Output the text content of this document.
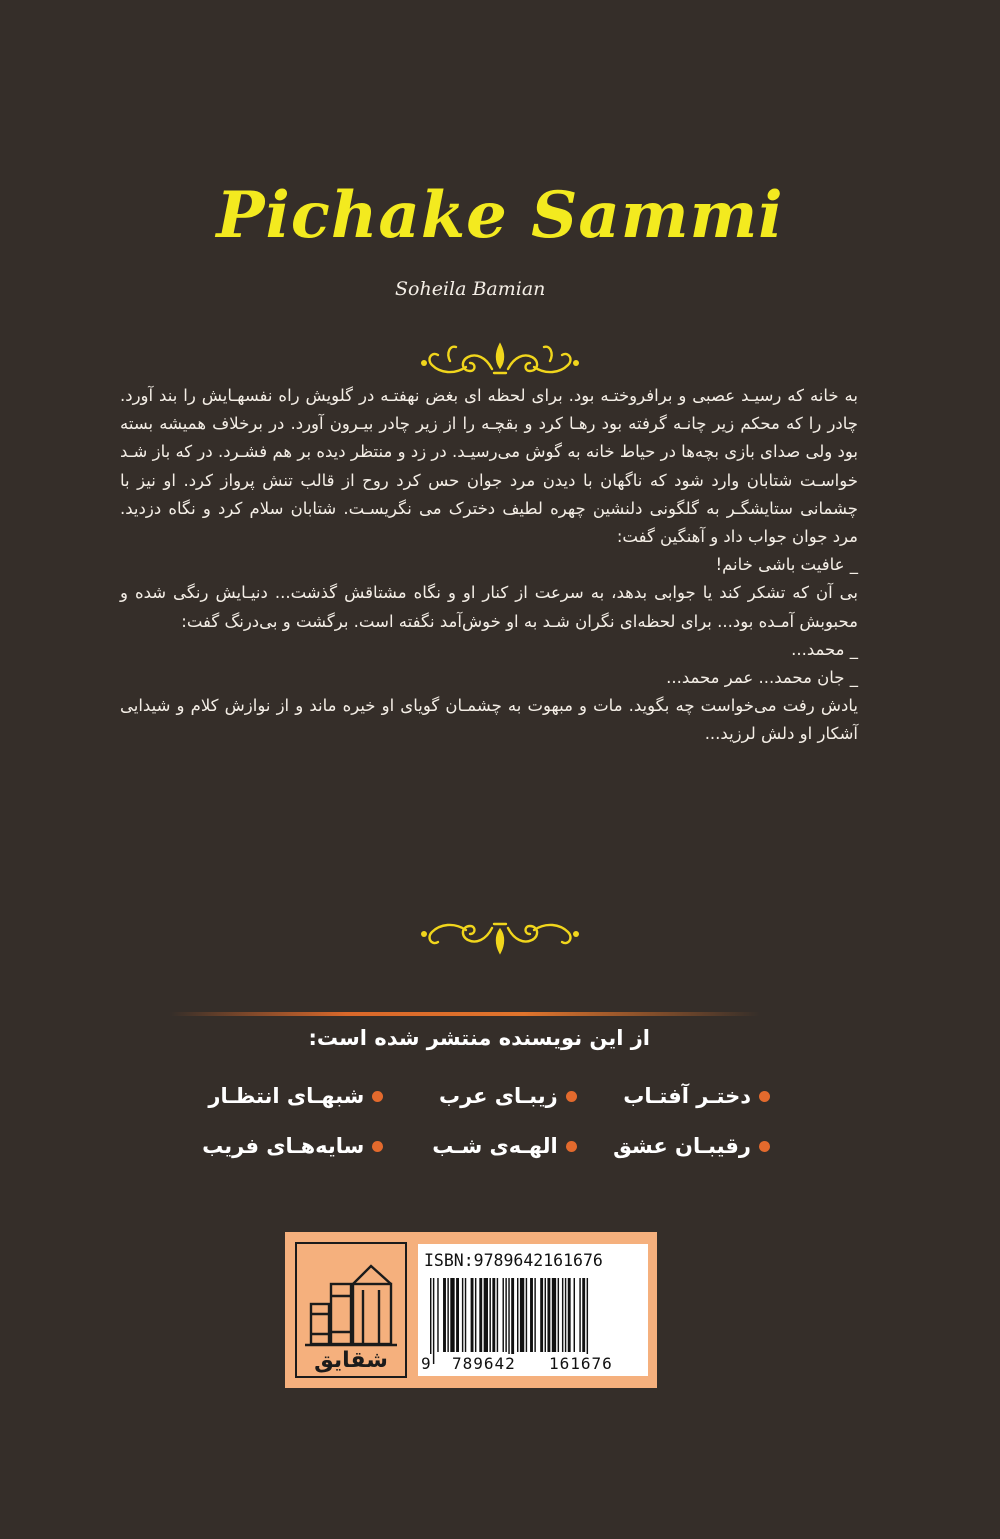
Pichake Sammi
Soheila Bamian

به خانه که رسیـد عصبی و برافروختـه بود. برای لحظه ای بغض نهفتـه در گلویش راه نفسهـایش را بند آورد. چادر را که محکم زیر چانـه گرفته بود رهـا کرد و بقچـه را از زیر چادر بیـرون آورد. در برخلاف همیشه بسته بود ولی صدای بازی بچه‌ها در حیاط خانه به گوش می‌رسیـد. در زد و منتظر دیده بر هم فشـرد. در که باز شـد خواسـت شتابان وارد شود که ناگهان با دیدن مرد جوان حس کرد روح از قالب تنش پرواز کرد. او نیز با چشمانی ستایشگـر به گلگونی دلنشین چهره لطیف دخترک می نگریسـت. شتابان سلام کرد و نگاه دزدید. مرد جوان جواب داد و آهنگین گفت:

_ عافیت باشی خانم!

بی آن که تشکر کند یا جوابی بدهد، به سرعت از کنار او و نگاه مشتاقش گذشت... دنیـایش رنگی شده و محبوبش آمـده بود... برای لحظه‌ای نگران شـد به او خوش‌آمد نگفته است. برگشت و بی‌درنگ گفت:

_ محمد...

_ جان محمد... عمر محمد...

یادش رفت می‌خواست چه بگوید. مات و مبهوت به چشمـان گویای او خیره ماند و از نوازش کلام و شیدایی آشکار او دلش لرزید...

از این نویسنده منتشر شده است:
دختـر آفتـاب
زیبـای عرب
شبهـای انتظـار
رقیبـان عشق
الهـه‌ی شـب
سایه‌هـای فریب
شقایق
ISBN:9789642161676
9 789642 161676
